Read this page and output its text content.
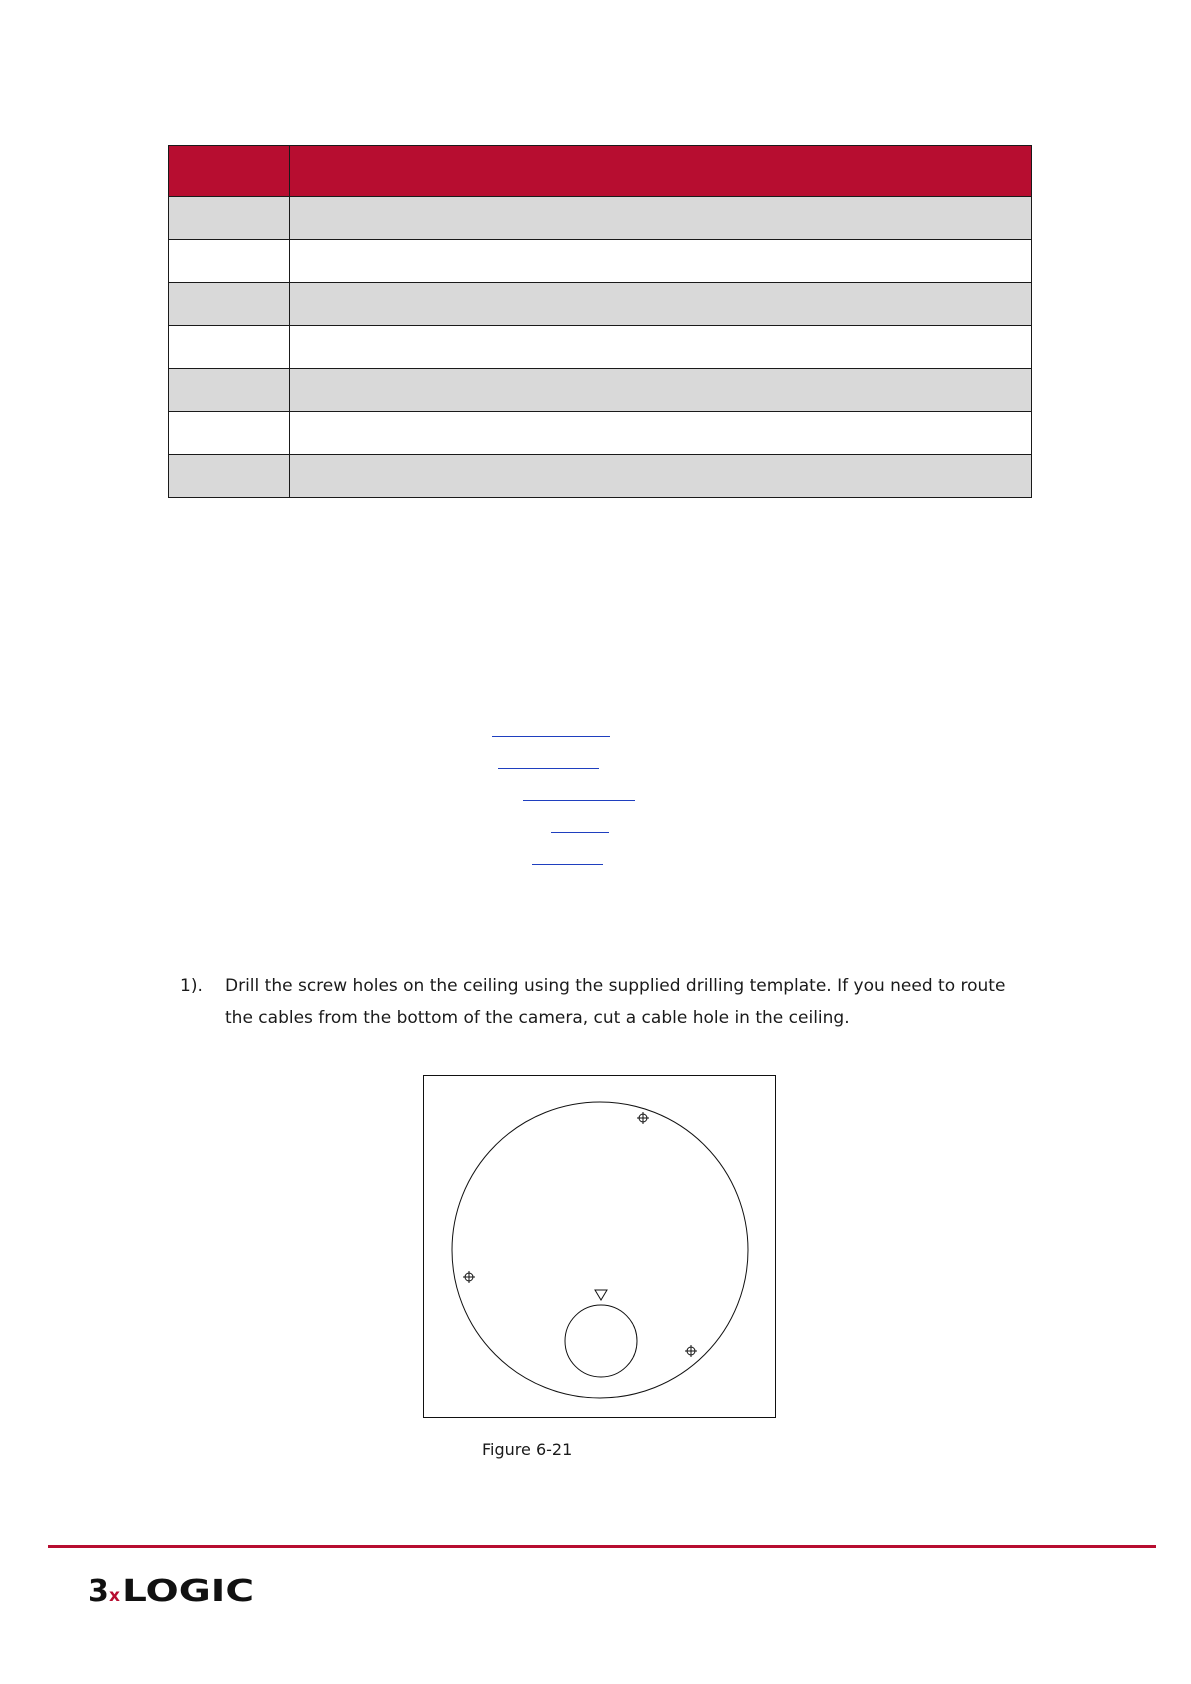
1). Drill the screw holes on the ceiling using the supplied drilling template. If you need to route the cables from the bottom of the camera, cut a cable hole in the ceiling.
Figure 6-21
3 x LOGIC
